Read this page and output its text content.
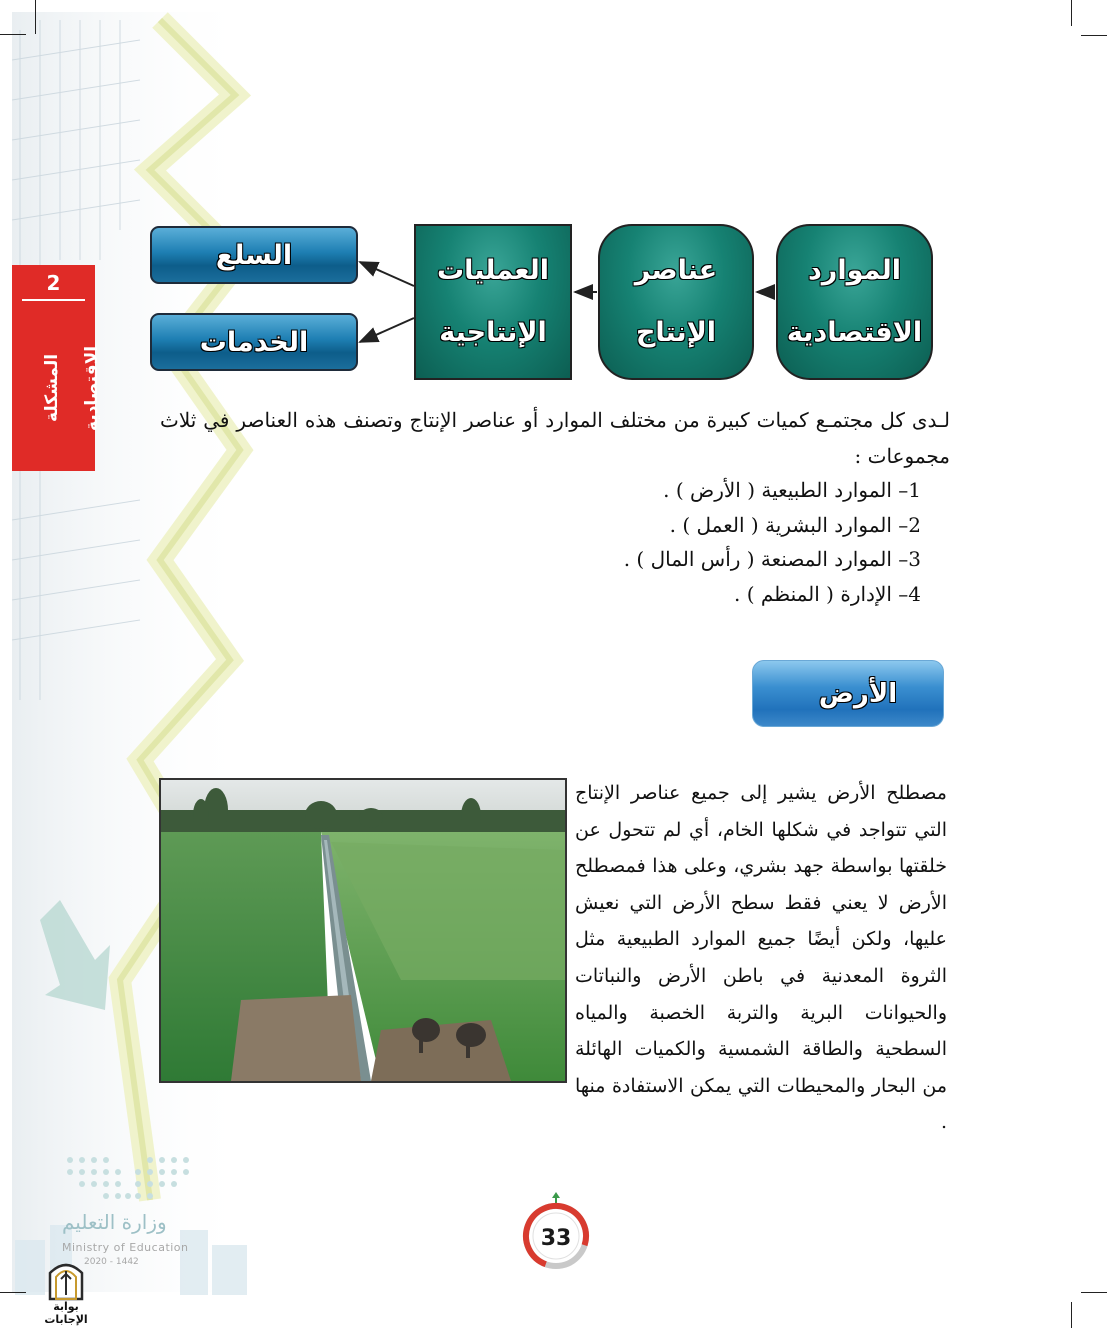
2
المشكلة الاقتصادية
الموارد
الاقتصادية
عناصر
الإنتاج
العمليات
الإنتاجية
السلع
الخدمات
لـدى كل مجتمـع كميات كبيرة من مختلف الموارد أو عناصر الإنتاج وتصنف هذه العناصر في ثلاث مجموعات :
1– الموارد الطبيعية ( الأرض ) .
2– الموارد البشرية ( العمل ) .
3– الموارد المصنعة ( رأس المال ) .
4– الإدارة ( المنظم ) .
الأرض
مصطلح الأرض يشير إلى جميع عناصر الإنتاج التي تتواجد في شكلها الخام، أي لم تتحول عن خلقتها بواسطة جهد بشري، وعلى هذا فمصطلح الأرض لا يعني فقط سطح الأرض التي نعيش عليها، ولكن أيضًا جميع الموارد الطبيعية مثل الثروة المعدنية في باطن الأرض والنباتات والحيوانات البرية والتربة الخصبة والمياه السطحية والطاقة الشمسية والكميات الهائلة من البحار والمحيطات التي يمكن الاستفادة منها .
33
وزارة التعليم
Ministry of Education
2020 - 1442
بوابة الإجابات
